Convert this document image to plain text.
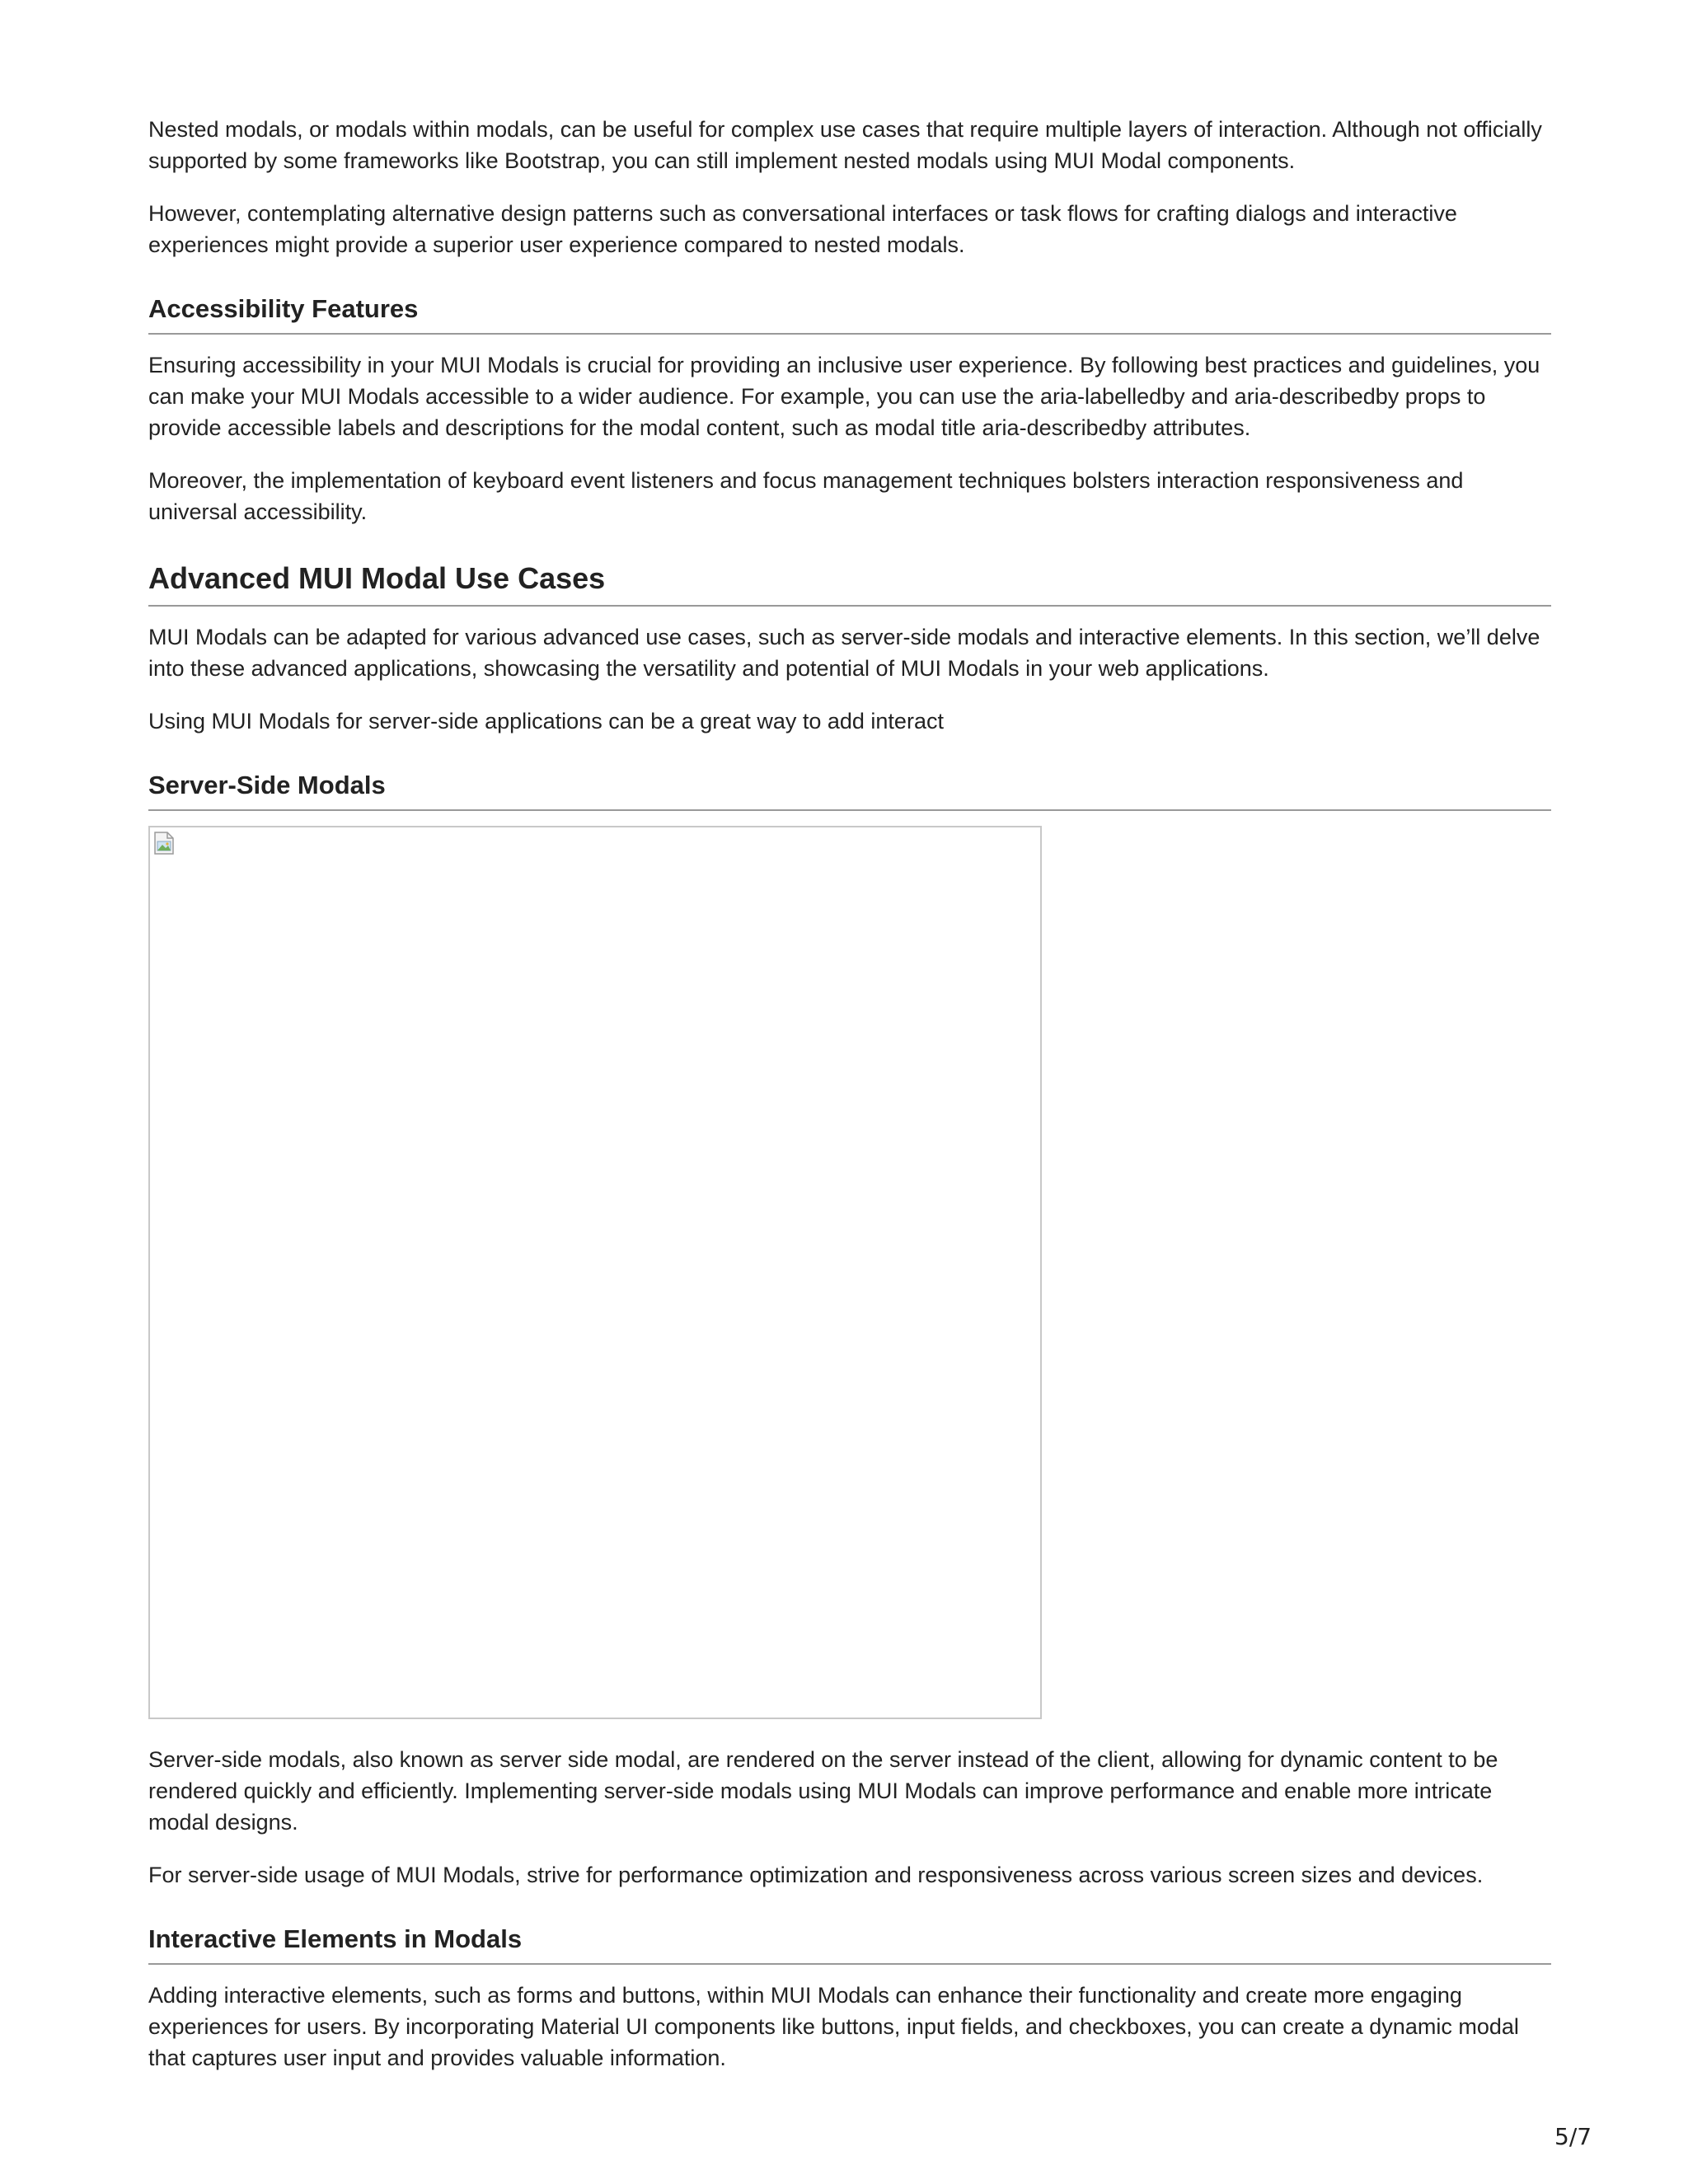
Nested modals, or modals within modals, can be useful for complex use cases that require multiple layers of interaction. Although not officially supported by some frameworks like Bootstrap, you can still implement nested modals using MUI Modal components.

However, contemplating alternative design patterns such as conversational interfaces or task flows for crafting dialogs and interactive experiences might provide a superior user experience compared to nested modals.

Accessibility Features

Ensuring accessibility in your MUI Modals is crucial for providing an inclusive user experience. By following best practices and guidelines, you can make your MUI Modals accessible to a wider audience. For example, you can use the aria-labelledby and aria-describedby props to provide accessible labels and descriptions for the modal content, such as modal title aria-describedby attributes.

Moreover, the implementation of keyboard event listeners and focus management techniques bolsters interaction responsiveness and universal accessibility.

Advanced MUI Modal Use Cases

MUI Modals can be adapted for various advanced use cases, such as server-side modals and interactive elements. In this section, we’ll delve into these advanced applications, showcasing the versatility and potential of MUI Modals in your web applications.

Using MUI Modals for server-side applications can be a great way to add interact

Server-Side Modals

Server-side modals, also known as server side modal, are rendered on the server instead of the client, allowing for dynamic content to be rendered quickly and efficiently. Implementing server-side modals using MUI Modals can improve performance and enable more intricate modal designs.

For server-side usage of MUI Modals, strive for performance optimization and responsiveness across various screen sizes and devices.

Interactive Elements in Modals

Adding interactive elements, such as forms and buttons, within MUI Modals can enhance their functionality and create more engaging experiences for users. By incorporating Material UI components like buttons, input fields, and checkboxes, you can create a dynamic modal that captures user input and provides valuable information.

5/7
